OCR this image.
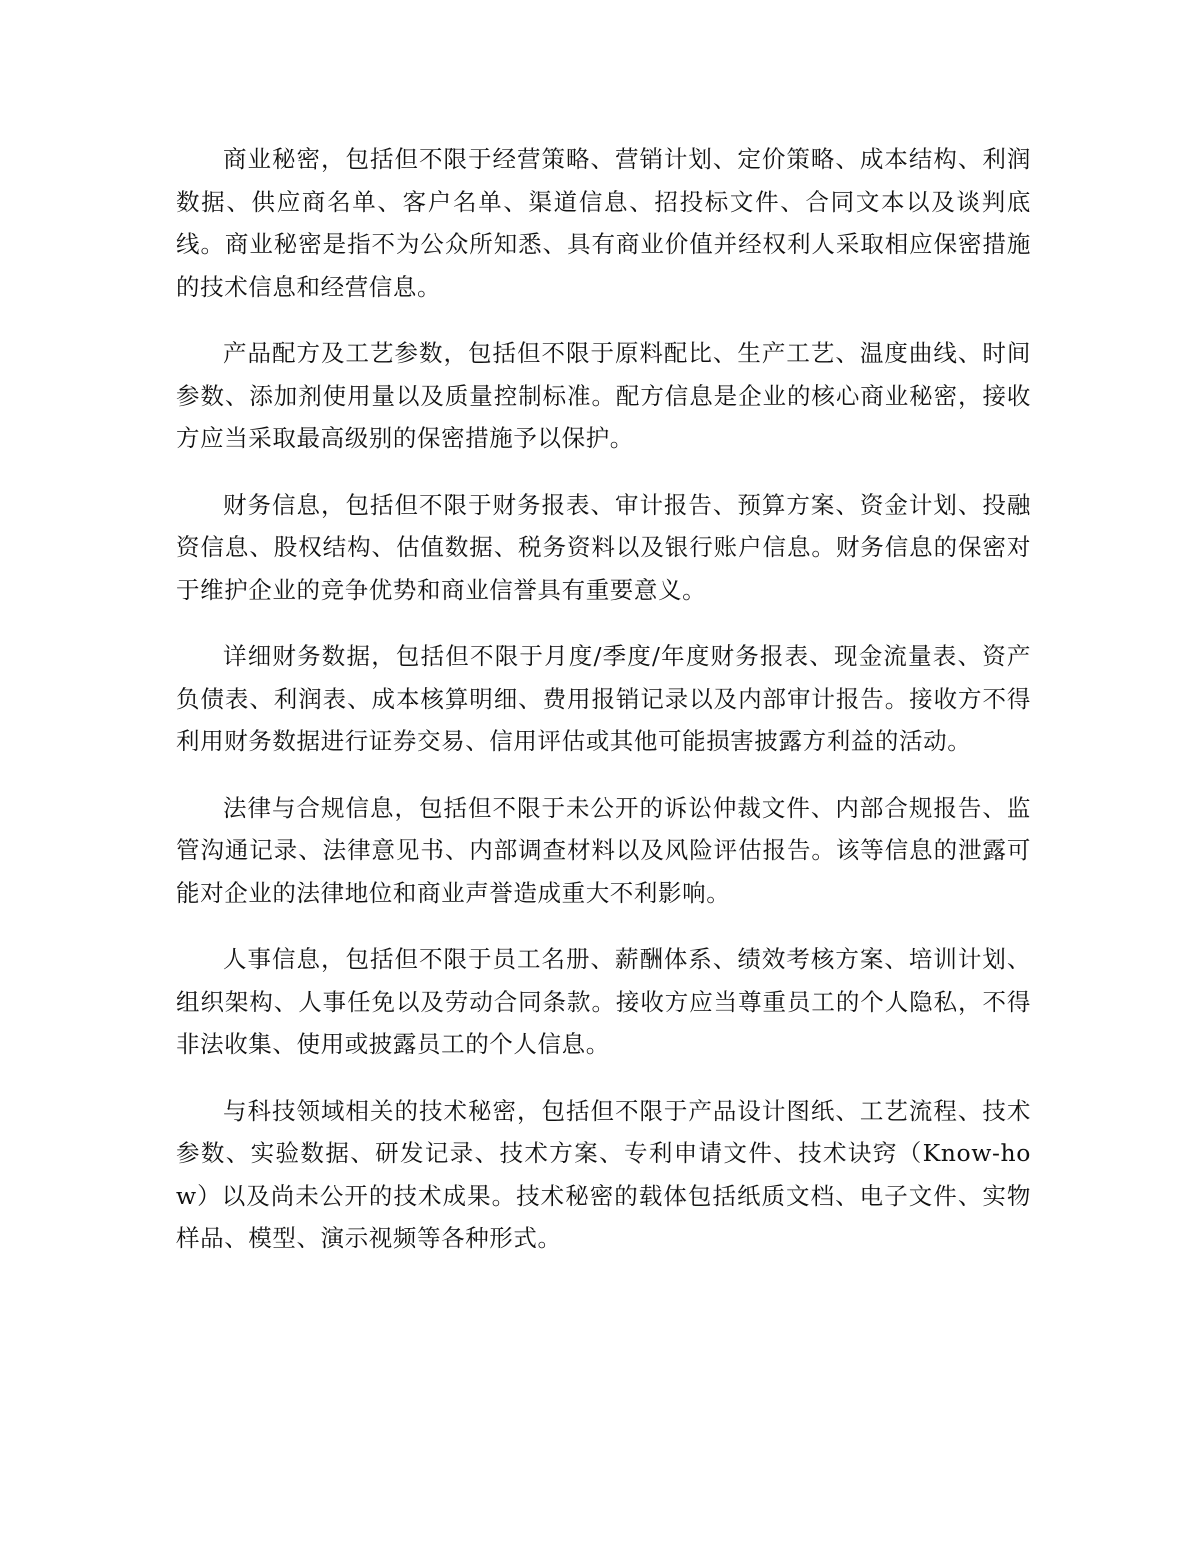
商业秘密，包括但不限于经营策略、营销计划、定价策略、成本结构、利润数据、供应商名单、客户名单、渠道信息、招投标文件、合同文本以及谈判底线。商业秘密是指不为公众所知悉、具有商业价值并经权利人采取相应保密措施的技术信息和经营信息。

产品配方及工艺参数，包括但不限于原料配比、生产工艺、温度曲线、时间参数、添加剂使用量以及质量控制标准。配方信息是企业的核心商业秘密，接收方应当采取最高级别的保密措施予以保护。

财务信息，包括但不限于财务报表、审计报告、预算方案、资金计划、投融资信息、股权结构、估值数据、税务资料以及银行账户信息。财务信息的保密对于维护企业的竞争优势和商业信誉具有重要意义。

详细财务数据，包括但不限于月度/季度/年度财务报表、现金流量表、资产负债表、利润表、成本核算明细、费用报销记录以及内部审计报告。接收方不得利用财务数据进行证券交易、信用评估或其他可能损害披露方利益的活动。

法律与合规信息，包括但不限于未公开的诉讼仲裁文件、内部合规报告、监管沟通记录、法律意见书、内部调查材料以及风险评估报告。该等信息的泄露可能对企业的法律地位和商业声誉造成重大不利影响。

人事信息，包括但不限于员工名册、薪酬体系、绩效考核方案、培训计划、组织架构、人事任免以及劳动合同条款。接收方应当尊重员工的个人隐私，不得非法收集、使用或披露员工的个人信息。

与科技领域相关的技术秘密，包括但不限于产品设计图纸、工艺流程、技术参数、实验数据、研发记录、技术方案、专利申请文件、技术诀窍（Know-how）以及尚未公开的技术成果。技术秘密的载体包括纸质文档、电子文件、实物样品、模型、演示视频等各种形式。
